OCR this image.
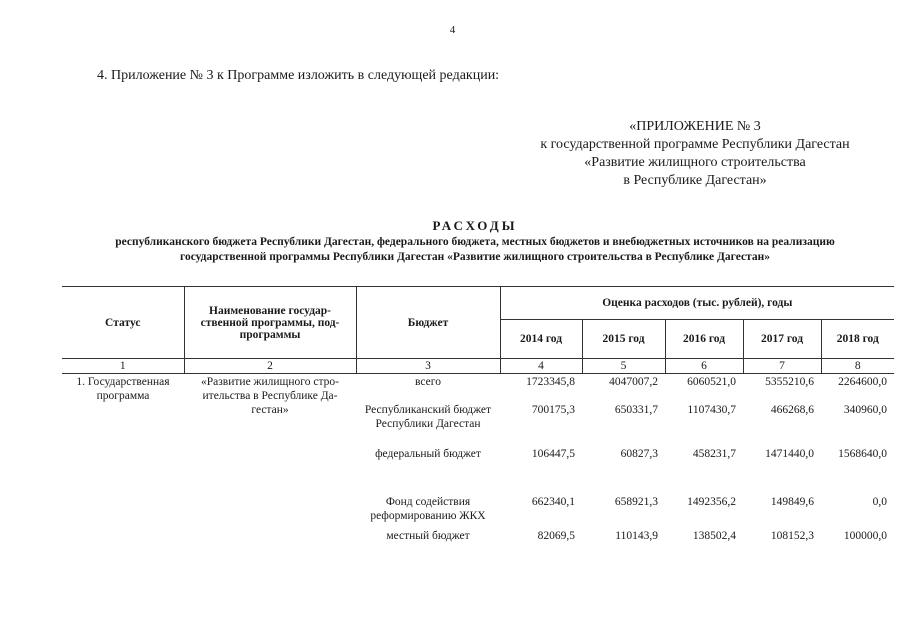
4
4. Приложение № 3 к Программе изложить в следующей редакции:
«ПРИЛОЖЕНИЕ № 3
к государственной программе Республики Дагестан
«Развитие жилищного строительства
в Республике Дагестан»
РАСХОДЫ
республиканского бюджета Республики Дагестан, федерального бюджета, местных бюджетов и внебюджетных источников на реализацию
государственной программы Республики Дагестан «Развитие жилищного строительства в Республике Дагестан»
Статус	Наименование государ-ственной программы, под-программы	Бюджет	Оценка расходов (тыс. рублей), годы				
			2014 год	2015 год	2016 год	2017 год	2018 год
1	2	3	4	5	6	7	8
1. Государственная программа	«Развитие жилищного стро-ительства в Республике Да-гестан»	всего	1723345,8	4047007,2	6060521,0	5355210,6	2264600,0
		Республиканский бюджет Республики Дагестан	700175,3	650331,7	1107430,7	466268,6	340960,0
		федеральный бюджет	106447,5	60827,3	458231,7	1471440,0	1568640,0
		Фонд содействия реформированию ЖКХ	662340,1	658921,3	1492356,2	149849,6	0,0
		местный бюджет	82069,5	110143,9	138502,4	108152,3	100000,0
